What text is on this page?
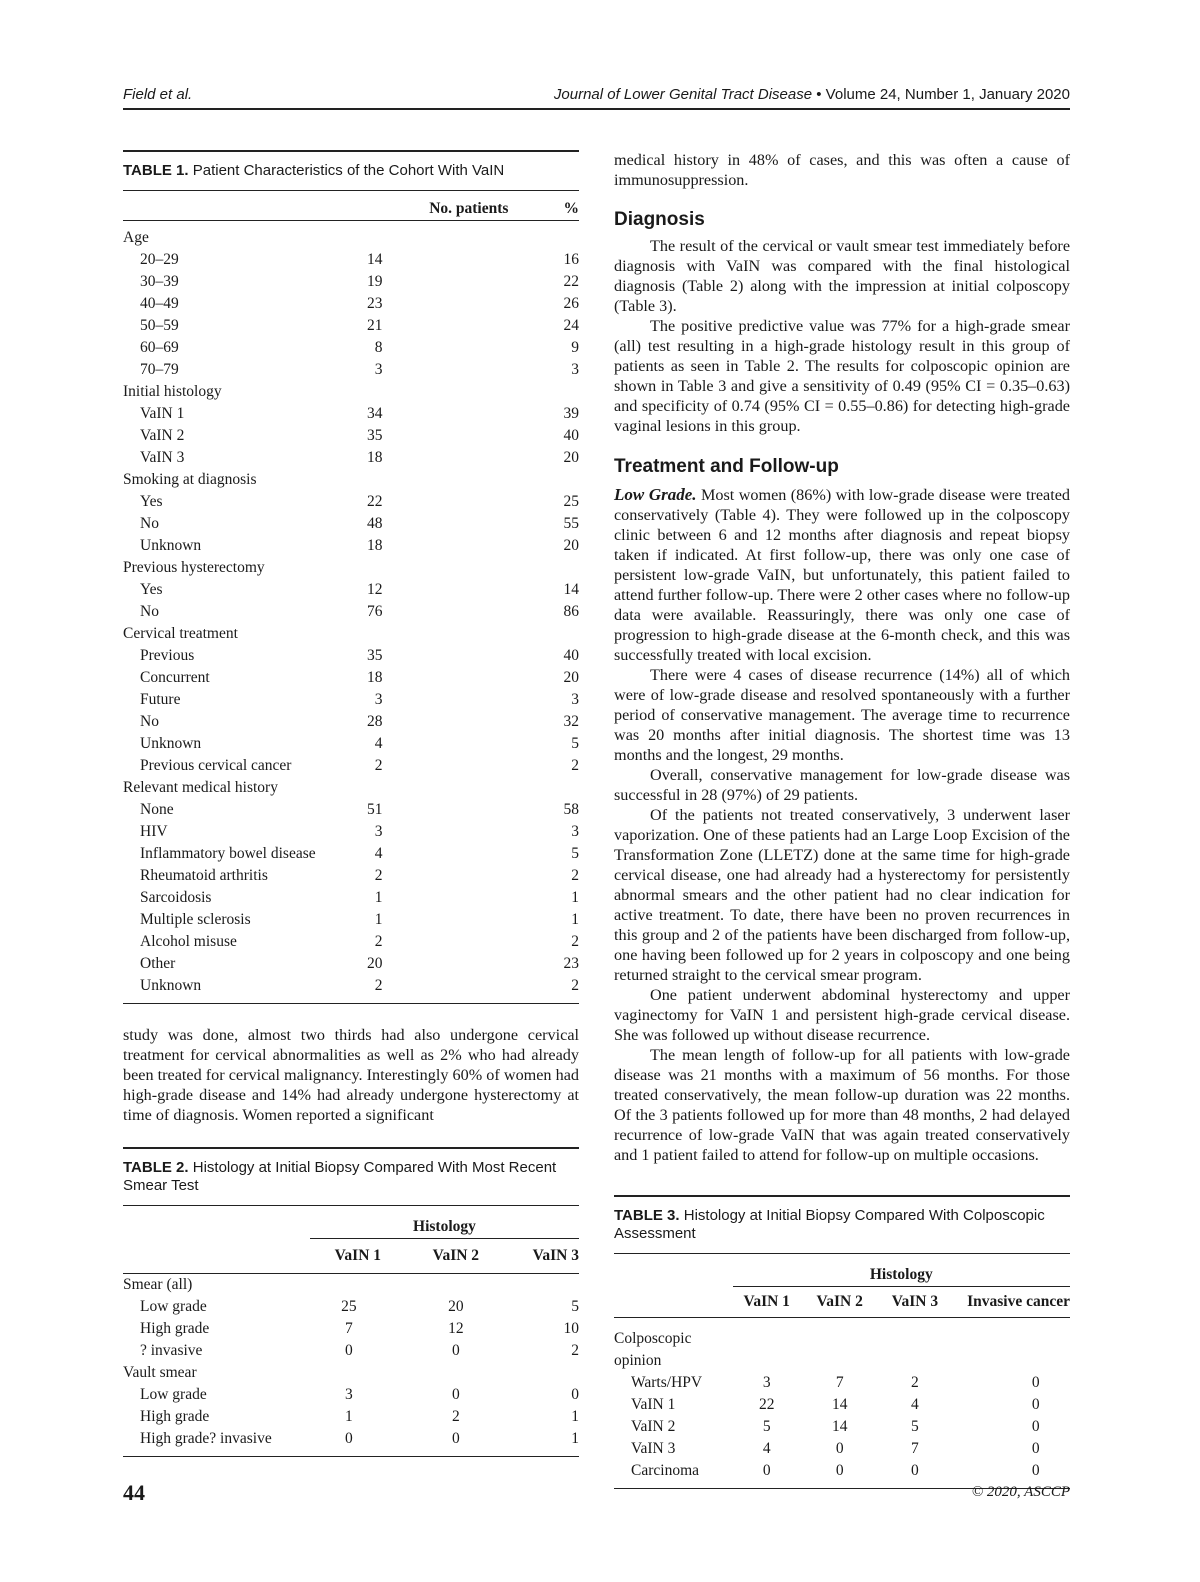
Field et al.	Journal of Lower Genital Tract Disease • Volume 24, Number 1, January 2020
TABLE 1. Patient Characteristics of the Cohort With VaIN
	No. patients	%
Age		
20–29	14	16
30–39	19	22
40–49	23	26
50–59	21	24
60–69	8	9
70–79	3	3
Initial histology		
VaIN 1	34	39
VaIN 2	35	40
VaIN 3	18	20
Smoking at diagnosis		
Yes	22	25
No	48	55
Unknown	18	20
Previous hysterectomy		
Yes	12	14
No	76	86
Cervical treatment		
Previous	35	40
Concurrent	18	20
Future	3	3
No	28	32
Unknown	4	5
Previous cervical cancer	2	2
Relevant medical history		
None	51	58
HIV	3	3
Inflammatory bowel disease	4	5
Rheumatoid arthritis	2	2
Sarcoidosis	1	1
Multiple sclerosis	1	1
Alcohol misuse	2	2
Other	20	23
Unknown	2	2

study was done, almost two thirds had also undergone cervical treatment for cervical abnormalities as well as 2% who had already been treated for cervical malignancy. Interestingly 60% of women had high-grade disease and 14% had already undergone hysterectomy at time of diagnosis. Women reported a significant

TABLE 2. Histology at Initial Biopsy Compared With Most Recent Smear Test
	Histology		
	VaIN 1	VaIN 2	VaIN 3
Smear (all)			
Low grade	25	20	5
High grade	7	12	10
? invasive	0	0	2
Vault smear			
Low grade	3	0	0
High grade	1	2	1
High grade? invasive	0	0	1

medical history in 48% of cases, and this was often a cause of immunosuppression.

Diagnosis

The result of the cervical or vault smear test immediately before diagnosis with VaIN was compared with the final histological diagnosis (Table 2) along with the impression at initial colposcopy (Table 3).

The positive predictive value was 77% for a high-grade smear (all) test resulting in a high-grade histology result in this group of patients as seen in Table 2. The results for colposcopic opinion are shown in Table 3 and give a sensitivity of 0.49 (95% CI = 0.35–0.63) and specificity of 0.74 (95% CI = 0.55–0.86) for detecting high-grade vaginal lesions in this group.

Treatment and Follow-up

Low Grade. Most women (86%) with low-grade disease were treated conservatively (Table 4). They were followed up in the colposcopy clinic between 6 and 12 months after diagnosis and repeat biopsy taken if indicated. At first follow-up, there was only one case of persistent low-grade VaIN, but unfortunately, this patient failed to attend further follow-up. There were 2 other cases where no follow-up data were available. Reassuringly, there was only one case of progression to high-grade disease at the 6-month check, and this was successfully treated with local excision.

There were 4 cases of disease recurrence (14%) all of which were of low-grade disease and resolved spontaneously with a further period of conservative management. The average time to recurrence was 20 months after initial diagnosis. The shortest time was 13 months and the longest, 29 months.

Overall, conservative management for low-grade disease was successful in 28 (97%) of 29 patients.

Of the patients not treated conservatively, 3 underwent laser vaporization. One of these patients had an Large Loop Excision of the Transformation Zone (LLETZ) done at the same time for high-grade cervical disease, one had already had a hysterectomy for persistently abnormal smears and the other patient had no clear indication for active treatment. To date, there have been no proven recurrences in this group and 2 of the patients have been discharged from follow-up, one having been followed up for 2 years in colposcopy and one being returned straight to the cervical smear program.

One patient underwent abdominal hysterectomy and upper vaginectomy for VaIN 1 and persistent high-grade cervical disease. She was followed up without disease recurrence.

The mean length of follow-up for all patients with low-grade disease was 21 months with a maximum of 56 months. For those treated conservatively, the mean follow-up duration was 22 months. Of the 3 patients followed up for more than 48 months, 2 had delayed recurrence of low-grade VaIN that was again treated conservatively and 1 patient failed to attend for follow-up on multiple occasions.

TABLE 3. Histology at Initial Biopsy Compared With Colposcopic Assessment
	Histology			
	VaIN 1	VaIN 2	VaIN 3	Invasive cancer
Colposcopic opinion				
Warts/HPV	3	7	2	0
VaIN 1	22	14	4	0
VaIN 2	5	14	5	0
VaIN 3	4	0	7	0
Carcinoma	0	0	0	0
44	© 2020, ASCCP
